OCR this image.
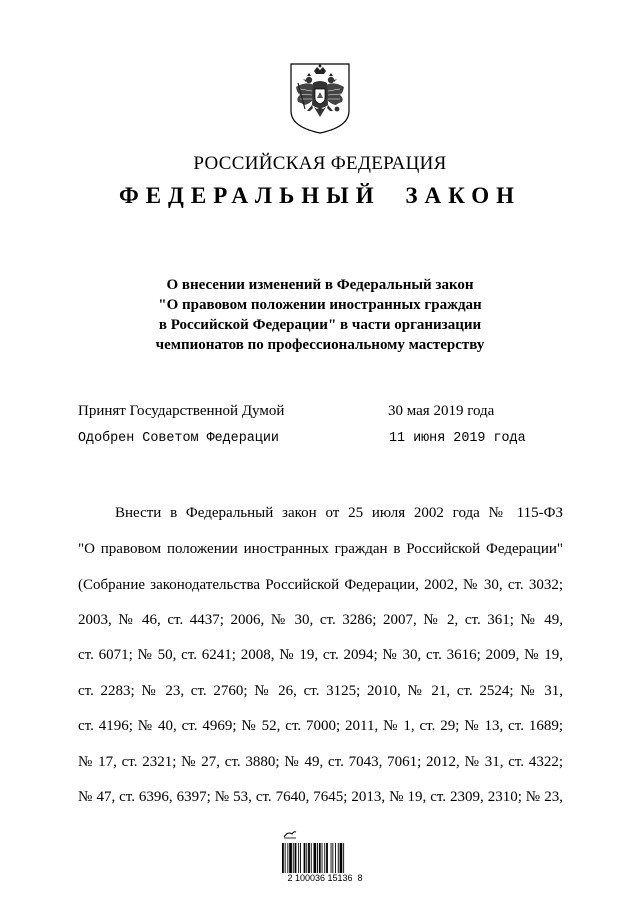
РОССИЙСКАЯ ФЕДЕРАЦИЯ
ФЕДЕРАЛЬНЫЙ ЗАКОН
О внесении изменений в Федеральный закон
"О правовом положении иностранных граждан
в Российской Федерации" в части организации
чемпионатов по профессиональному мастерству
Принят Государственной Думой	30 мая 2019 года
Одобрен Советом Федерации	11 июня 2019 года
Внести в Федеральный закон от 25 июля 2002 года № 115-ФЗ
"О правовом положении иностранных граждан в Российской Федерации"
(Собрание законодательства Российской Федерации, 2002, № 30, ст. 3032;
2003, № 46, ст. 4437; 2006, № 30, ст. 3286; 2007, № 2, ст. 361; № 49,
ст. 6071; № 50, ст. 6241; 2008, № 19, ст. 2094; № 30, ст. 3616; 2009, № 19,
ст. 2283; № 23, ст. 2760; № 26, ст. 3125; 2010, № 21, ст. 2524; № 31,
ст. 4196; № 40, ст. 4969; № 52, ст. 7000; 2011, № 1, ст. 29; № 13, ст. 1689;
№ 17, ст. 2321; № 27, ст. 3880; № 49, ст. 7043, 7061; 2012, № 31, ст. 4322;
№ 47, ст. 6396, 6397; № 53, ст. 7640, 7645; 2013, № 19, ст. 2309, 2310; № 23,
2 100036 15136  8
